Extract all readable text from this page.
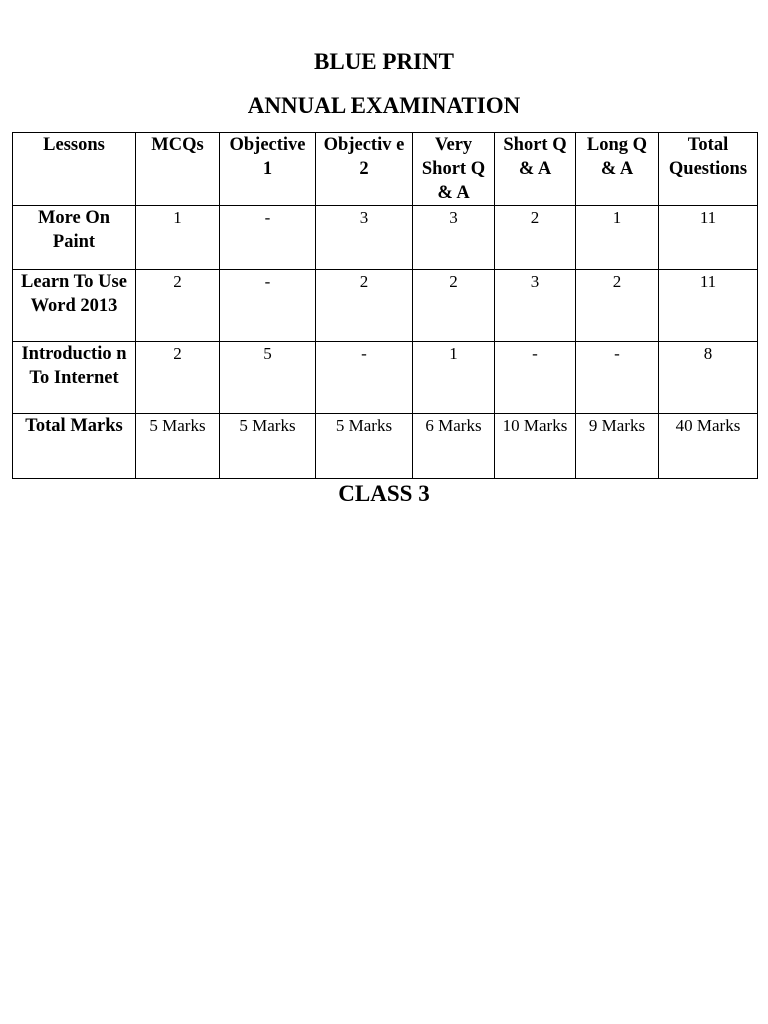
BLUE PRINT
ANNUAL EXAMINATION
Lessons	MCQs	Objective 1	Objectiv e 2	Very Short Q & A	Short Q & A	Long Q & A	Total Questions
More On Paint	1	-	3	3	2	1	11
Learn To Use Word 2013	2	-	2	2	3	2	11
Introductio n To Internet	2	5	-	1	-	-	8
Total Marks	5 Marks	5 Marks	5 Marks	6 Marks	10 Marks	9 Marks	40 Marks
CLASS 3
